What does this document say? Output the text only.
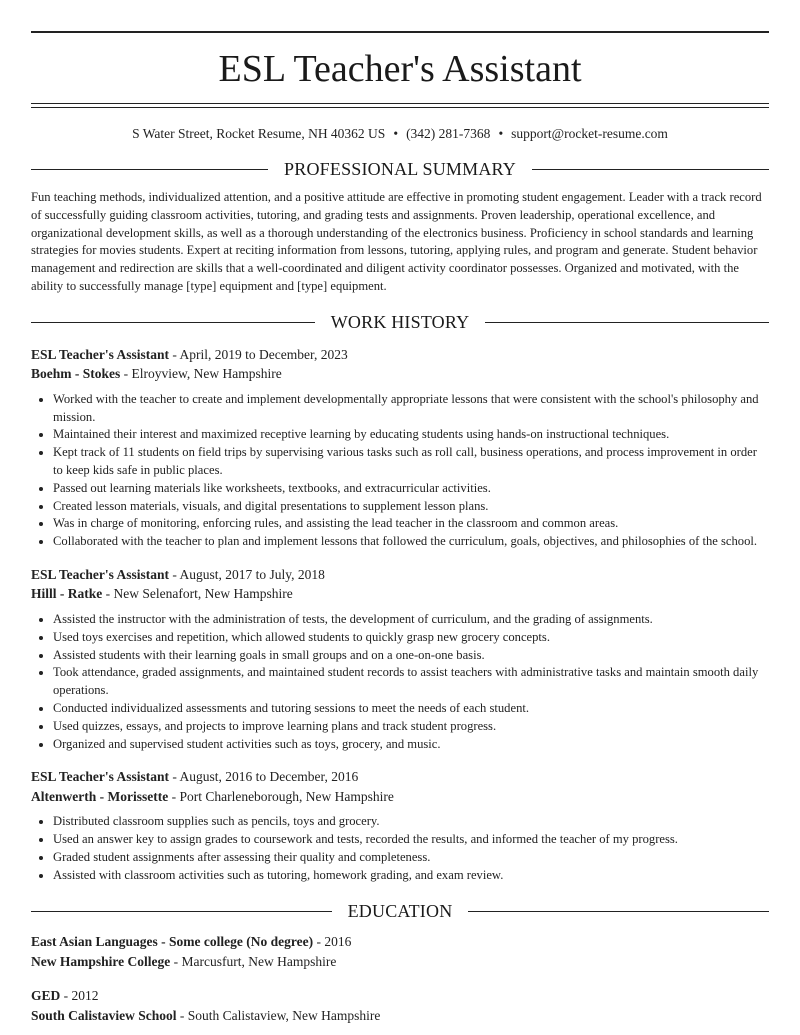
ESL Teacher's Assistant
S Water Street, Rocket Resume, NH 40362 US • (342) 281-7368 • support@rocket-resume.com
PROFESSIONAL SUMMARY
Fun teaching methods, individualized attention, and a positive attitude are effective in promoting student engagement. Leader with a track record of successfully guiding classroom activities, tutoring, and grading tests and assignments. Proven leadership, operational excellence, and organizational development skills, as well as a thorough understanding of the electronics business. Proficiency in school standards and learning strategies for movies students. Expert at reciting information from lessons, tutoring, applying rules, and program and generate. Student behavior management and redirection are skills that a well-coordinated and diligent activity coordinator possesses. Organized and motivated, with the ability to successfully manage [type] equipment and [type] equipment.
WORK HISTORY
ESL Teacher's Assistant - April, 2019 to December, 2023
Boehm - Stokes - Elroyview, New Hampshire
• Worked with the teacher to create and implement developmentally appropriate lessons that were consistent with the school's philosophy and mission.
• Maintained their interest and maximized receptive learning by educating students using hands-on instructional techniques.
• Kept track of 11 students on field trips by supervising various tasks such as roll call, business operations, and process improvement in order to keep kids safe in public places.
• Passed out learning materials like worksheets, textbooks, and extracurricular activities.
• Created lesson materials, visuals, and digital presentations to supplement lesson plans.
• Was in charge of monitoring, enforcing rules, and assisting the lead teacher in the classroom and common areas.
• Collaborated with the teacher to plan and implement lessons that followed the curriculum, goals, objectives, and philosophies of the school.
ESL Teacher's Assistant - August, 2017 to July, 2018
Hilll - Ratke - New Selenafort, New Hampshire
• Assisted the instructor with the administration of tests, the development of curriculum, and the grading of assignments.
• Used toys exercises and repetition, which allowed students to quickly grasp new grocery concepts.
• Assisted students with their learning goals in small groups and on a one-on-one basis.
• Took attendance, graded assignments, and maintained student records to assist teachers with administrative tasks and maintain smooth daily operations.
• Conducted individualized assessments and tutoring sessions to meet the needs of each student.
• Used quizzes, essays, and projects to improve learning plans and track student progress.
• Organized and supervised student activities such as toys, grocery, and music.
ESL Teacher's Assistant - August, 2016 to December, 2016
Altenwerth - Morissette - Port Charleneborough, New Hampshire
• Distributed classroom supplies such as pencils, toys and grocery.
• Used an answer key to assign grades to coursework and tests, recorded the results, and informed the teacher of my progress.
• Graded student assignments after assessing their quality and completeness.
• Assisted with classroom activities such as tutoring, homework grading, and exam review.
EDUCATION
East Asian Languages - Some college (No degree) - 2016
New Hampshire College - Marcusfurt, New Hampshire
GED - 2012
South Calistaview School - South Calistaview, New Hampshire
